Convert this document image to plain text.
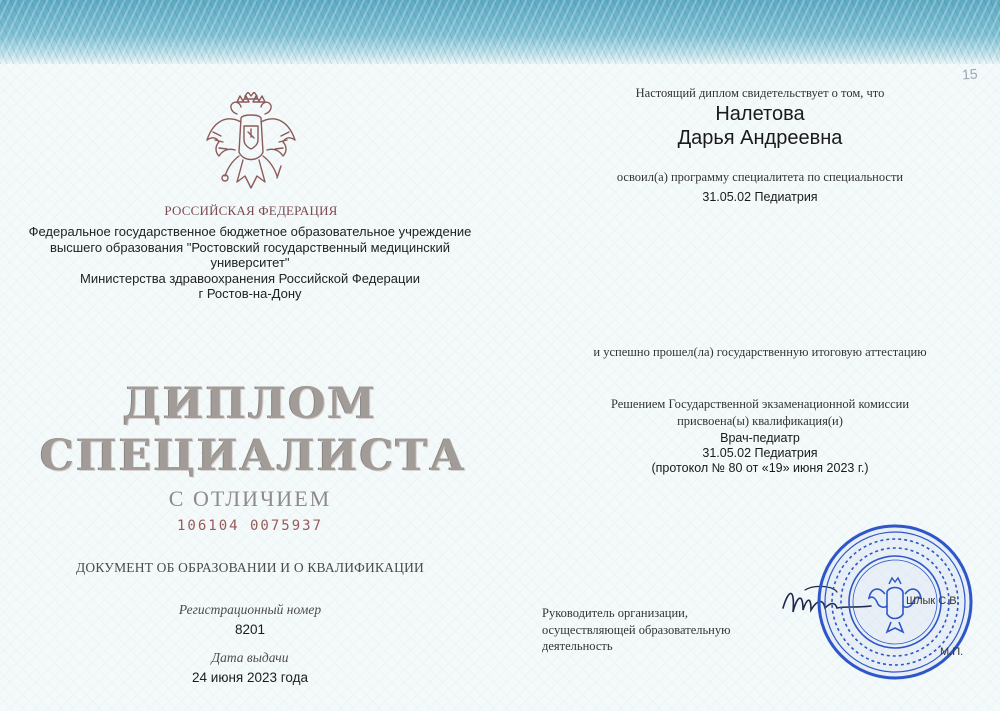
15
РОССИЙСКАЯ ФЕДЕРАЦИЯ
Федеральное государственное бюджетное образовательное учреждение
высшего образования "Ростовский государственный медицинский университет"
Министерства здравоохранения Российской Федерации
г Ростов-на-Дону
ДИПЛОМ
СПЕЦИАЛИСТА
С ОТЛИЧИЕМ
106104 0075937
ДОКУМЕНТ ОБ ОБРАЗОВАНИИ И О КВАЛИФИКАЦИИ
Регистрационный номер
8201
Дата выдачи
24 июня 2023 года
Настоящий диплом свидетельствует о том, что
Налетова
Дарья Андреевна
освоил(а) программу специалитета по специальности
31.05.02 Педиатрия
и успешно прошел(ла) государственную итоговую аттестацию
Решением Государственной экзаменационной комиссии
присвоена(ы) квалификация(и)
Врач-педиатр
31.05.02 Педиатрия
(протокол № 80 от «19» июня 2023 г.)
Руководитель организации,
осуществляющей образовательную
деятельность
Шлык С.В.
М.П.
